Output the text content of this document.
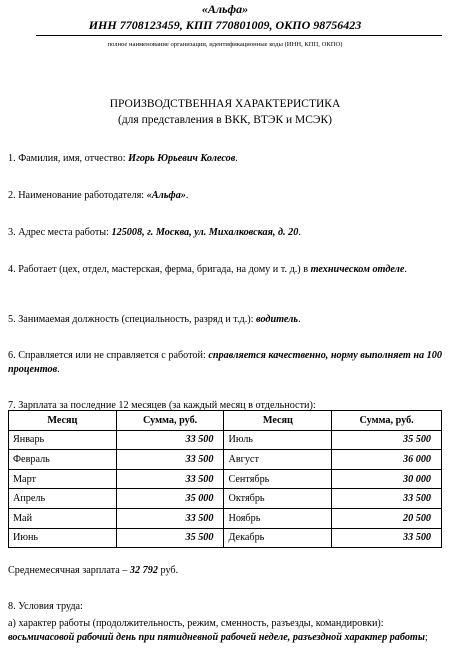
«Альфа»
ИНН 7708123459, КПП 770801009, ОКПО 98756423
полное наименование организации, идентификационные коды (ИНН, КПП, ОКПО)
ПРОИЗВОДСТВЕННАЯ ХАРАКТЕРИСТИКА
(для представления в ВКК, ВТЭК и МСЭК)
1. Фамилия, имя, отчество: Игорь Юрьевич Колесов.
2. Наименование работодателя: «Альфа».
3. Адрес места работы: 125008, г. Москва, ул. Михалковская, д. 20.
4. Работает (цех, отдел, мастерская, ферма, бригада, на дому и т. д.) в техническом отделе.
5. Занимаемая должность (специальность, разряд и т.д.): водитель.
6. Справляется или не справляется с работой: справляется качественно, норму выполняет на 100 процентов.
7. Зарплата за последние 12 месяцев (за каждый месяц в отдельности):
Месяц	Сумма, руб.	Месяц	Сумма, руб.
Январь	33 500	Июль	35 500
Февраль	33 500	Август	36 000
Март	33 500	Сентябрь	30 000
Апрель	35 000	Октябрь	33 500
Май	33 500	Ноябрь	20 500
Июнь	35 500	Декабрь	33 500
Среднемесячная зарплата – 32 792 руб.
8. Условия труда:
а) характер работы (продолжительность, режим, сменность, разъезды, командировки): восьмичасовой рабочий день при пятидневной рабочей неделе, разъездной характер работы;
